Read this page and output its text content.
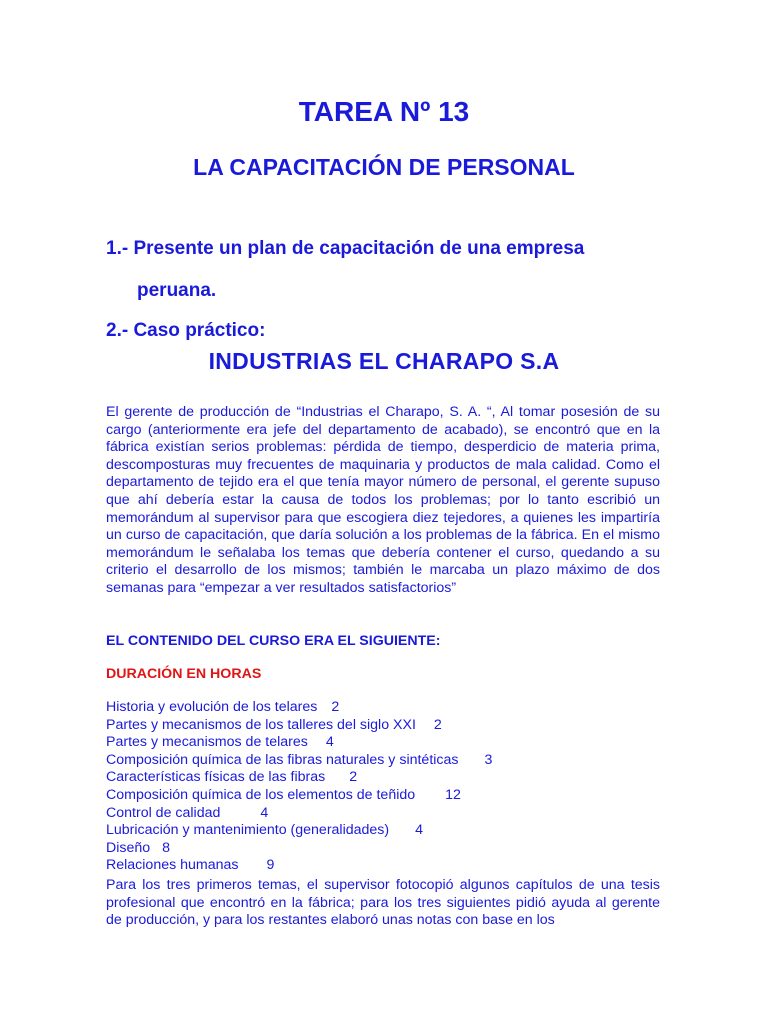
TAREA Nº 13
LA CAPACITACIÓN DE PERSONAL
1.- Presente un plan de capacitación de una empresa
peruana.
2.- Caso práctico:
INDUSTRIAS EL CHARAPO S.A
El gerente de producción de “Industrias el Charapo, S. A. “, Al tomar posesión de su cargo (anteriormente era jefe del departamento de acabado), se encontró que en la fábrica existían serios problemas: pérdida de tiempo, desperdicio de materia prima, descomposturas muy frecuentes de maquinaria y productos de mala calidad. Como el departamento de tejido era el que tenía mayor número de personal, el gerente supuso que ahí debería estar la causa de todos los problemas; por lo tanto escribió un memorándum al supervisor para que escogiera diez tejedores, a quienes les impartiría un curso de capacitación, que daría solución a los problemas de la fábrica. En el mismo memorándum le señalaba los temas que debería contener el curso, quedando a su criterio el desarrollo de los mismos; también le marcaba un plazo máximo de dos semanas para “empezar a ver resultados satisfactorios”
EL CONTENIDO DEL CURSO ERA EL SIGUIENTE:
DURACIÓN EN HORAS
Historia y evolución de los telares 2
Partes y mecanismos de los talleres del siglo XXI 2
Partes y mecanismos de telares 4
Composición química de las fibras naturales y sintéticas 3
Características físicas de las fibras 2
Composición química de los elementos de teñido 12
Control de calidad	4
Lubricación y mantenimiento (generalidades) 4
Diseño 8
Relaciones humanas 9
Para los tres primeros temas, el supervisor fotocopió algunos capítulos de una tesis profesional que encontró en la fábrica; para los tres siguientes pidió ayuda al gerente de producción, y para los restantes elaboró unas notas con base en los
